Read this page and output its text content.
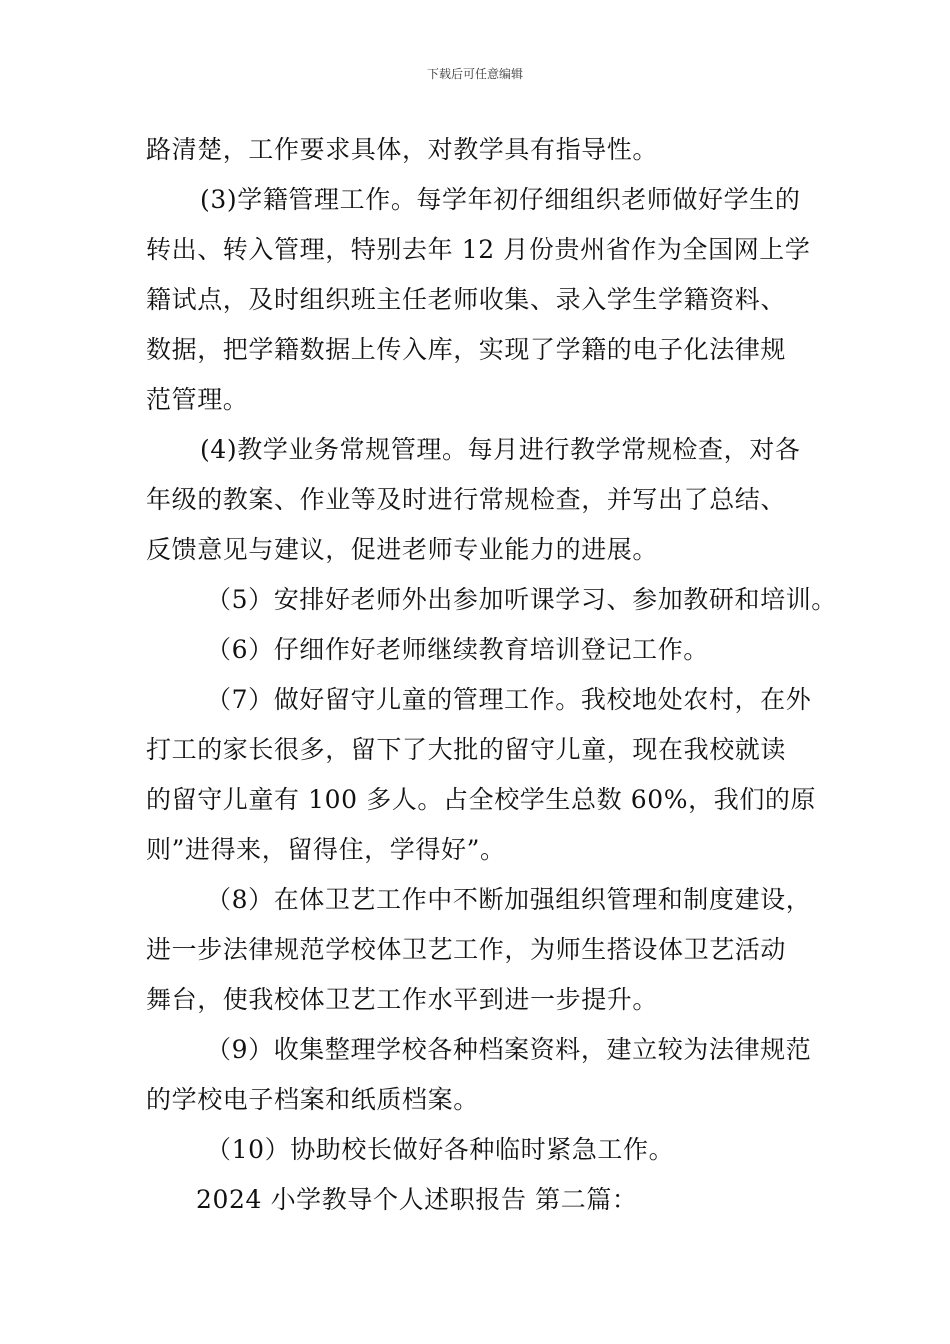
下载后可任意编辑
路清楚，工作要求具体，对教学具有指导性。
(3)学籍管理工作。每学年初仔细组织老师做好学生的
转出、转入管理，特别去年 12 月份贵州省作为全国网上学
籍试点，及时组织班主任老师收集、录入学生学籍资料、
数据，把学籍数据上传入库，实现了学籍的电子化法律规
范管理。
(4)教学业务常规管理。每月进行教学常规检查，对各
年级的教案、作业等及时进行常规检查，并写出了总结、
反馈意见与建议，促进老师专业能力的进展。
（5）安排好老师外出参加听课学习、参加教研和培训。
（6）仔细作好老师继续教育培训登记工作。
（7）做好留守儿童的管理工作。我校地处农村，在外
打工的家长很多，留下了大批的留守儿童，现在我校就读
的留守儿童有 100 多人。占全校学生总数 60%，我们的原
则”进得来，留得住，学得好”。
（8）在体卫艺工作中不断加强组织管理和制度建设，
进一步法律规范学校体卫艺工作，为师生搭设体卫艺活动
舞台，使我校体卫艺工作水平到进一步提升。
（9）收集整理学校各种档案资料，建立较为法律规范
的学校电子档案和纸质档案。
（10）协助校长做好各种临时紧急工作。
2024 小学教导个人述职报告 第二篇：
